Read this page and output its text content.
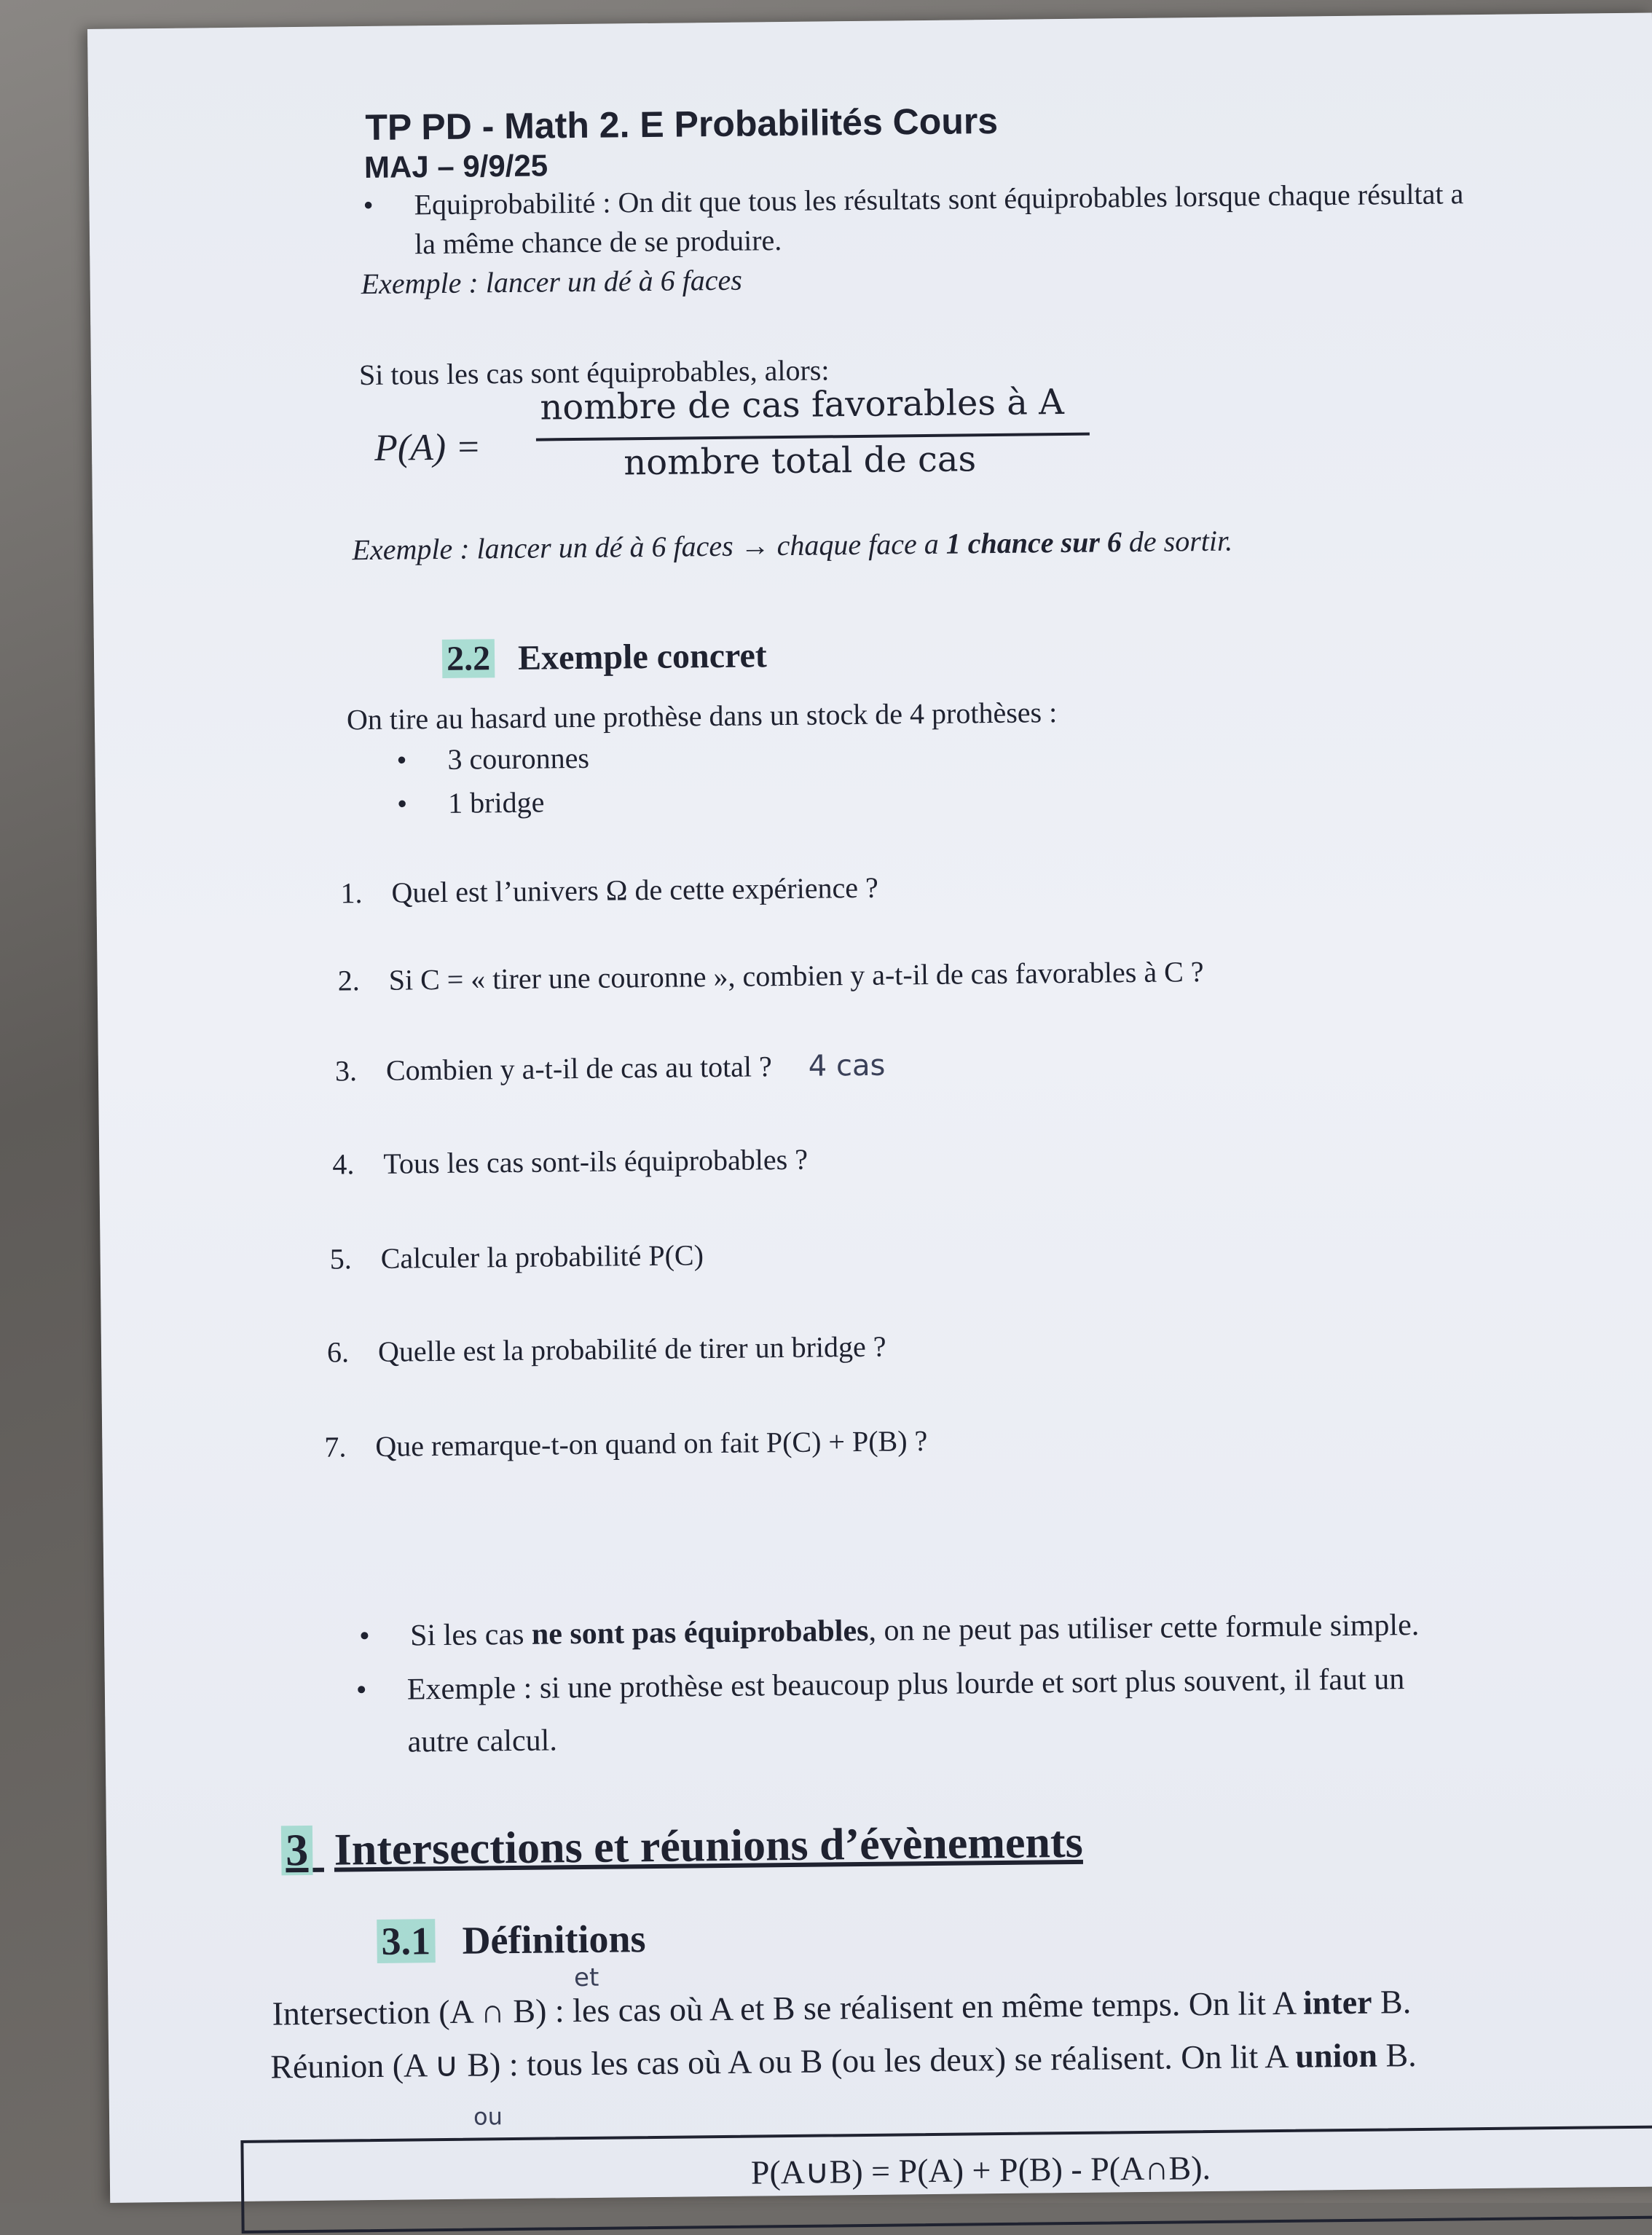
TP PD - Math 2. E Probabilités Cours
MAJ – 9/9/25
• Equiprobabilité : On dit que tous les résultats sont équiprobables lorsque chaque résultat a
la même chance de se produire.
Exemple : lancer un dé à 6 faces
Si tous les cas sont équiprobables, alors:
P(A) =
nombre de cas favorables à A
nombre total de cas
Exemple : lancer un dé à 6 faces → chaque face a 1 chance sur 6 de sortir.
2.2 Exemple concret
On tire au hasard une prothèse dans un stock de 4 prothèses :
• 3 couronnes
• 1 bridge
1. Quel est l’univers Ω de cette expérience ?
2. Si C = « tirer une couronne », combien y a-t-il de cas favorables à C ?
3. Combien y a-t-il de cas au total ? 4 cas
4. Tous les cas sont-ils équiprobables ?
5. Calculer la probabilité P(C)
6. Quelle est la probabilité de tirer un bridge ?
7. Que remarque-t-on quand on fait P(C) + P(B) ?
• Si les cas ne sont pas équiprobables, on ne peut pas utiliser cette formule simple.
• Exemple : si une prothèse est beaucoup plus lourde et sort plus souvent, il faut un
autre calcul.
3 Intersections et réunions d’évènements
3.1 Définitions
et
Intersection (A ∩ B) : les cas où A et B se réalisent en même temps. On lit A inter B.
Réunion (A ∪ B) : tous les cas où A ou B (ou les deux) se réalisent. On lit A union B.
ou
P(A∪B) = P(A) + P(B) - P(A∩B).
